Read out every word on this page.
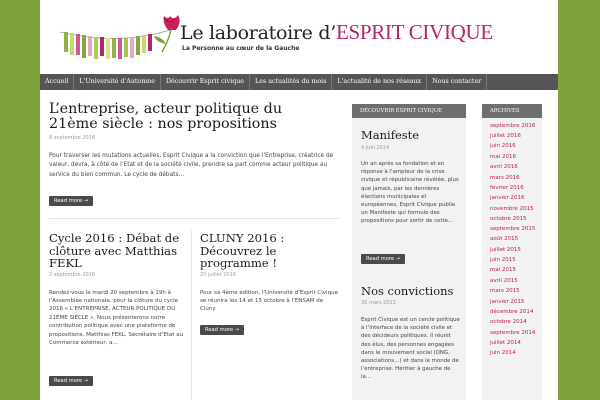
Le laboratoire d’ESPRIT CIVIQUE
La Personne au cœur de la Gauche
Accueil	L'Université d'Automne	Découvrir Esprit civique	Les actualités du mois	L'actualité de nos réseaux	Nous contacter
L’entreprise, acteur politique du 21ème siècle : nos propositions
8 septembre 2016

Pour traverser les mutations actuelles, Esprit Civique a la conviction que l’Entreprise, créatrice de valeur, devra, à côté de l’Etat et de la société civile, prendre sa part comme acteur politique au service du bien commun. Le cycle de débats…

Read more →
Cycle 2016 : Débat de clôture avec Matthias FEKL
2 septembre 2016

Rendez-vous le mardi 20 septembre à 19h à l’Assemblée nationale, pour la clôture du cycle 2016 « L’ENTREPRISE, ACTEUR POLITIQUE DU 21ÈME SIÈCLE ». Nous présenterons notre contribution politique avec une plateforme de propositions. Matthias FEKL, Secrétaire d’Etat au Commerce extérieur, a…

Read more →
CLUNY 2016 : Découvrez le programme !
20 juillet 2016

Pour sa 4ème édition, l’Université d’Esprit Civique se réunira les 14 et 15 octobre à l’ENSAM de Cluny

Read more →
DÉCOUVRIR ESPRIT CIVIQUE
Manifeste
4 juin 2014

Un an après sa fondation et en réponse à l’ampleur de la crise civique et républicaine révélée, plus que jamais, par les dernières élections municipales et européennes, Esprit Civique publie un Manifeste qui formule des propositions pour sortir de cette…

Read more →
Nos convictions
30 mars 2013

Esprit Civique est un cercle politique à l’interface de la société civile et des décideurs politiques. Il réunit des élus, des personnes engagées dans le mouvement social (ONG, associations…) et dans le monde de l’entreprise. Héritier à gauche de la…

ARCHIVES
septembre 2016
juillet 2016
juin 2016
mai 2016
avril 2016
mars 2016
février 2016
janvier 2016
novembre 2015
octobre 2015
septembre 2015
août 2015
juillet 2015
juin 2015
mai 2015
avril 2015
mars 2015
janvier 2015
décembre 2014
octobre 2014
septembre 2014
juillet 2014
juin 2014
